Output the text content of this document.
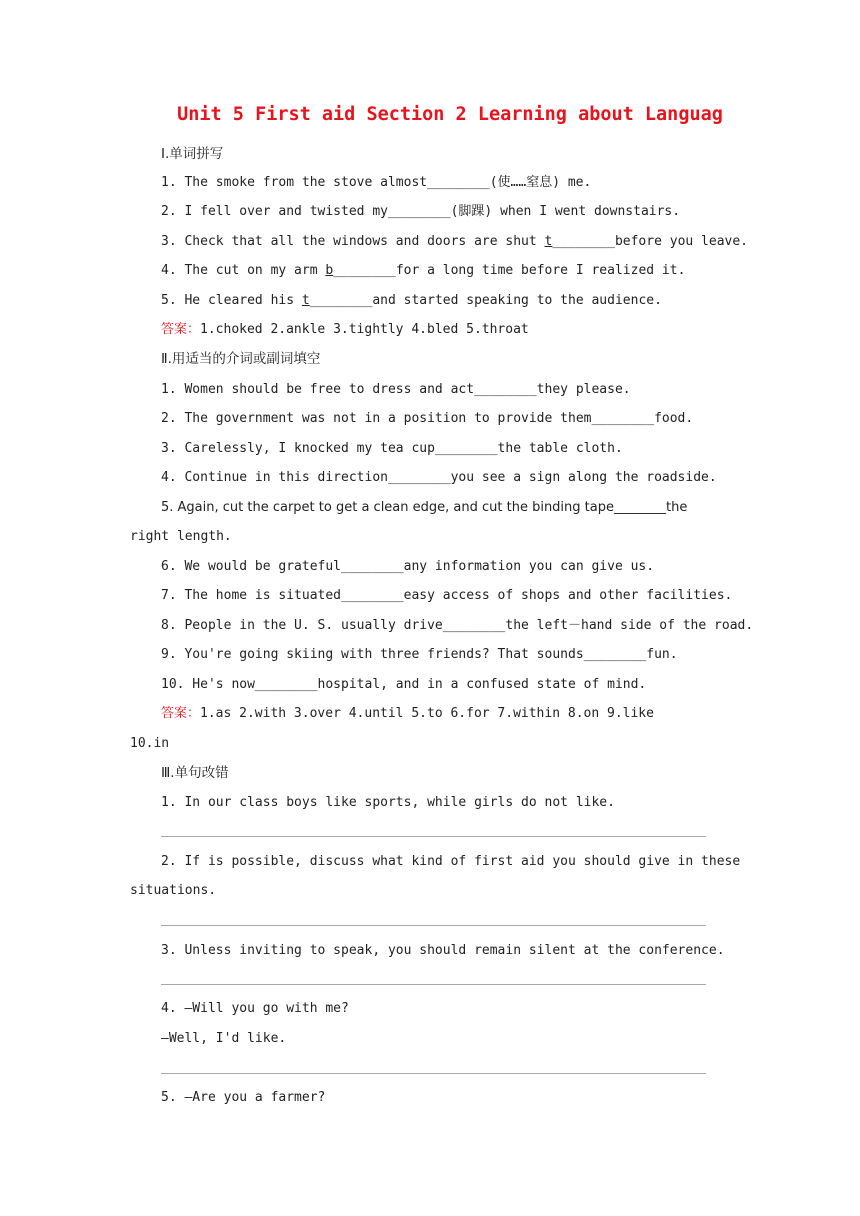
Unit 5 First aid Section 2 Learning about Languag
Ⅰ.单词拼写
1. The smoke from the stove almost________(使……窒息) me.
2. I fell over and twisted my________(脚踝) when I went downstairs.
3. Check that all the windows and doors are shut t________before you leave.
4. The cut on my arm b________for a long time before I realized it.
5. He cleared his t________and started speaking to the audience.
答案：1.choked 2.ankle 3.tightly 4.bled 5.throat
Ⅱ.用适当的介词或副词填空
1. Women should be free to dress and act________they please.
2. The government was not in a position to provide them________food.
3. Carelessly, I knocked my tea cup________the table cloth.
4. Continue in this direction________you see a sign along the roadside.
5. Again, cut the carpet to get a clean edge, and cut the binding tape________the
right length.
6. We would be grateful________any information you can give us.
7. The home is situated________easy access of shops and other facilities.
8. People in the U. S. usually drive________the left－hand side of the road.
9. You're going skiing with three friends? That sounds________fun.
10. He's now________hospital, and in a confused state of mind.
答案：1.as 2.with 3.over 4.until 5.to 6.for 7.within 8.on 9.like
10.in
Ⅲ.单句改错
1. In our class boys like sports, while girls do not like.
2. If is possible, discuss what kind of first aid you should give in these
situations.
3. Unless inviting to speak, you should remain silent at the conference.
4. —Will you go with me?
—Well, I'd like.
5. —Are you a farmer?
